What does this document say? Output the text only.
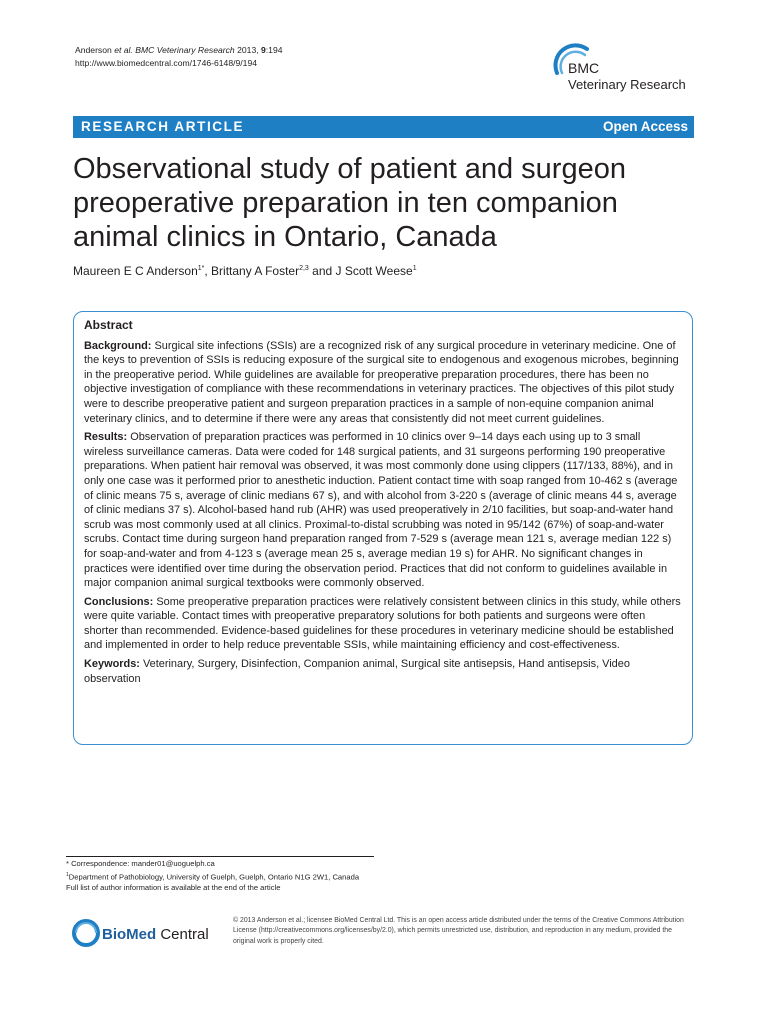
Anderson et al. BMC Veterinary Research 2013, 9:194
http://www.biomedcentral.com/1746-6148/9/194	BMC
Veterinary Research
RESEARCH ARTICLE	Open Access
Observational study of patient and surgeon preoperative preparation in ten companion animal clinics in Ontario, Canada
Maureen E C Anderson$^{1*}$, Brittany A Foster$^{2,3}$ and J Scott Weese$^1$
Abstract

Background: Surgical site infections (SSIs) are a recognized risk of any surgical procedure in veterinary medicine. One of the keys to prevention of SSIs is reducing exposure of the surgical site to endogenous and exogenous microbes, beginning in the preoperative period. While guidelines are available for preoperative preparation procedures, there has been no objective investigation of compliance with these recommendations in veterinary practices. The objectives of this pilot study were to describe preoperative patient and surgeon preparation practices in a sample of non-equine companion animal veterinary clinics, and to determine if there were any areas that consistently did not meet current guidelines.

Results: Observation of preparation practices was performed in 10 clinics over 9–14 days each using up to 3 small wireless surveillance cameras. Data were coded for 148 surgical patients, and 31 surgeons performing 190 preoperative preparations. When patient hair removal was observed, it was most commonly done using clippers (117/133, 88%), and in only one case was it performed prior to anesthetic induction. Patient contact time with soap ranged from 10-462 s (average of clinic means 75 s, average of clinic medians 67 s), and with alcohol from 3-220 s (average of clinic means 44 s, average of clinic medians 37 s). Alcohol-based hand rub (AHR) was used preoperatively in 2/10 facilities, but soap-and-water hand scrub was most commonly used at all clinics. Proximal-to-distal scrubbing was noted in 95/142 (67%) of soap-and-water scrubs. Contact time during surgeon hand preparation ranged from 7-529 s (average mean 121 s, average median 122 s) for soap-and-water and from 4-123 s (average mean 25 s, average median 19 s) for AHR. No significant changes in practices were identified over time during the observation period. Practices that did not conform to guidelines available in major companion animal surgical textbooks were commonly observed.

Conclusions: Some preoperative preparation practices were relatively consistent between clinics in this study, while others were quite variable. Contact times with preoperative preparatory solutions for both patients and surgeons were often shorter than recommended. Evidence-based guidelines for these procedures in veterinary medicine should be established and implemented in order to help reduce preventable SSIs, while maintaining efficiency and cost-effectiveness.

Keywords: Veterinary, Surgery, Disinfection, Companion animal, Surgical site antisepsis, Hand antisepsis, Video observation

* Correspondence: mander01@uoguelph.ca
$^1$Department of Pathobiology, University of Guelph, Guelph, Ontario N1G 2W1, Canada
Full list of author information is available at the end of the article
BioMed Central
© 2013 Anderson et al.; licensee BioMed Central Ltd. This is an open access article distributed under the terms of the Creative Commons Attribution License (http://creativecommons.org/licenses/by/2.0), which permits unrestricted use, distribution, and reproduction in any medium, provided the original work is properly cited.
